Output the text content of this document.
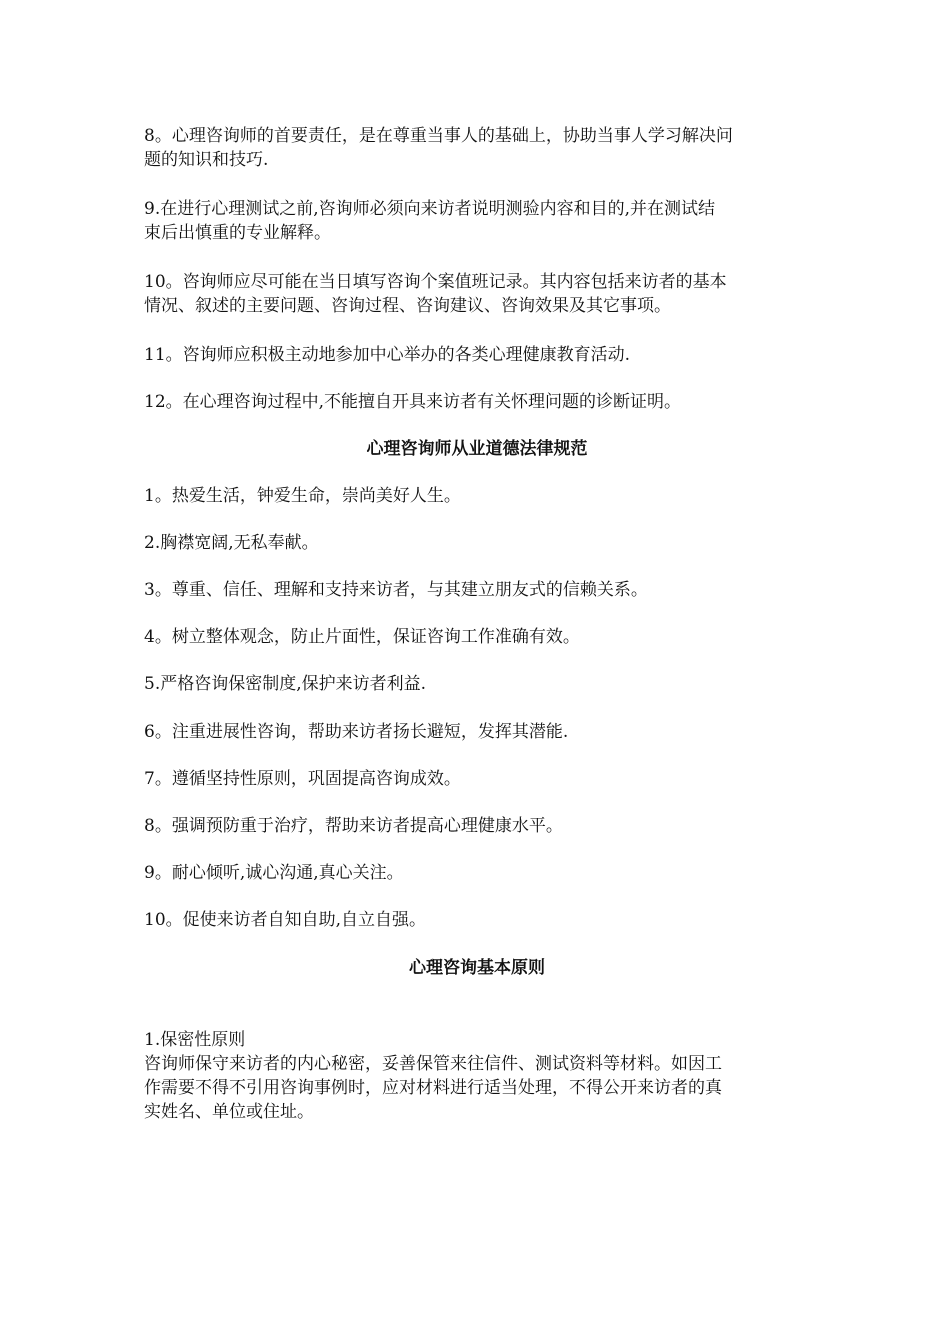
8。心理咨询师的首要责任，是在尊重当事人的基础上，协助当事人学习解决问
题的知识和技巧.
9.在进行心理测试之前,咨询师必须向来访者说明测验内容和目的,并在测试结
束后出慎重的专业解释。
10。咨询师应尽可能在当日填写咨询个案值班记录。其内容包括来访者的基本
情况、叙述的主要问题、咨询过程、咨询建议、咨询效果及其它事项。
11。咨询师应积极主动地参加中心举办的各类心理健康教育活动.
12。在心理咨询过程中,不能擅自开具来访者有关怀理问题的诊断证明。
心理咨询师从业道德法律规范

1。热爱生活，钟爱生命，崇尚美好人生。

2.胸襟宽阔,无私奉献。

3。尊重、信任、理解和支持来访者，与其建立朋友式的信赖关系。

4。树立整体观念，防止片面性，保证咨询工作准确有效。

5.严格咨询保密制度,保护来访者利益.

6。注重进展性咨询，帮助来访者扬长避短，发挥其潜能.

7。遵循坚持性原则，巩固提高咨询成效。

8。强调预防重于治疗，帮助来访者提高心理健康水平。

9。耐心倾听,诚心沟通,真心关注。

10。促使来访者自知自助,自立自强。

心理咨询基本原则
1.保密性原则
咨询师保守来访者的内心秘密，妥善保管来往信件、测试资料等材料。如因工
作需要不得不引用咨询事例时，应对材料进行适当处理，不得公开来访者的真
实姓名、单位或住址。
